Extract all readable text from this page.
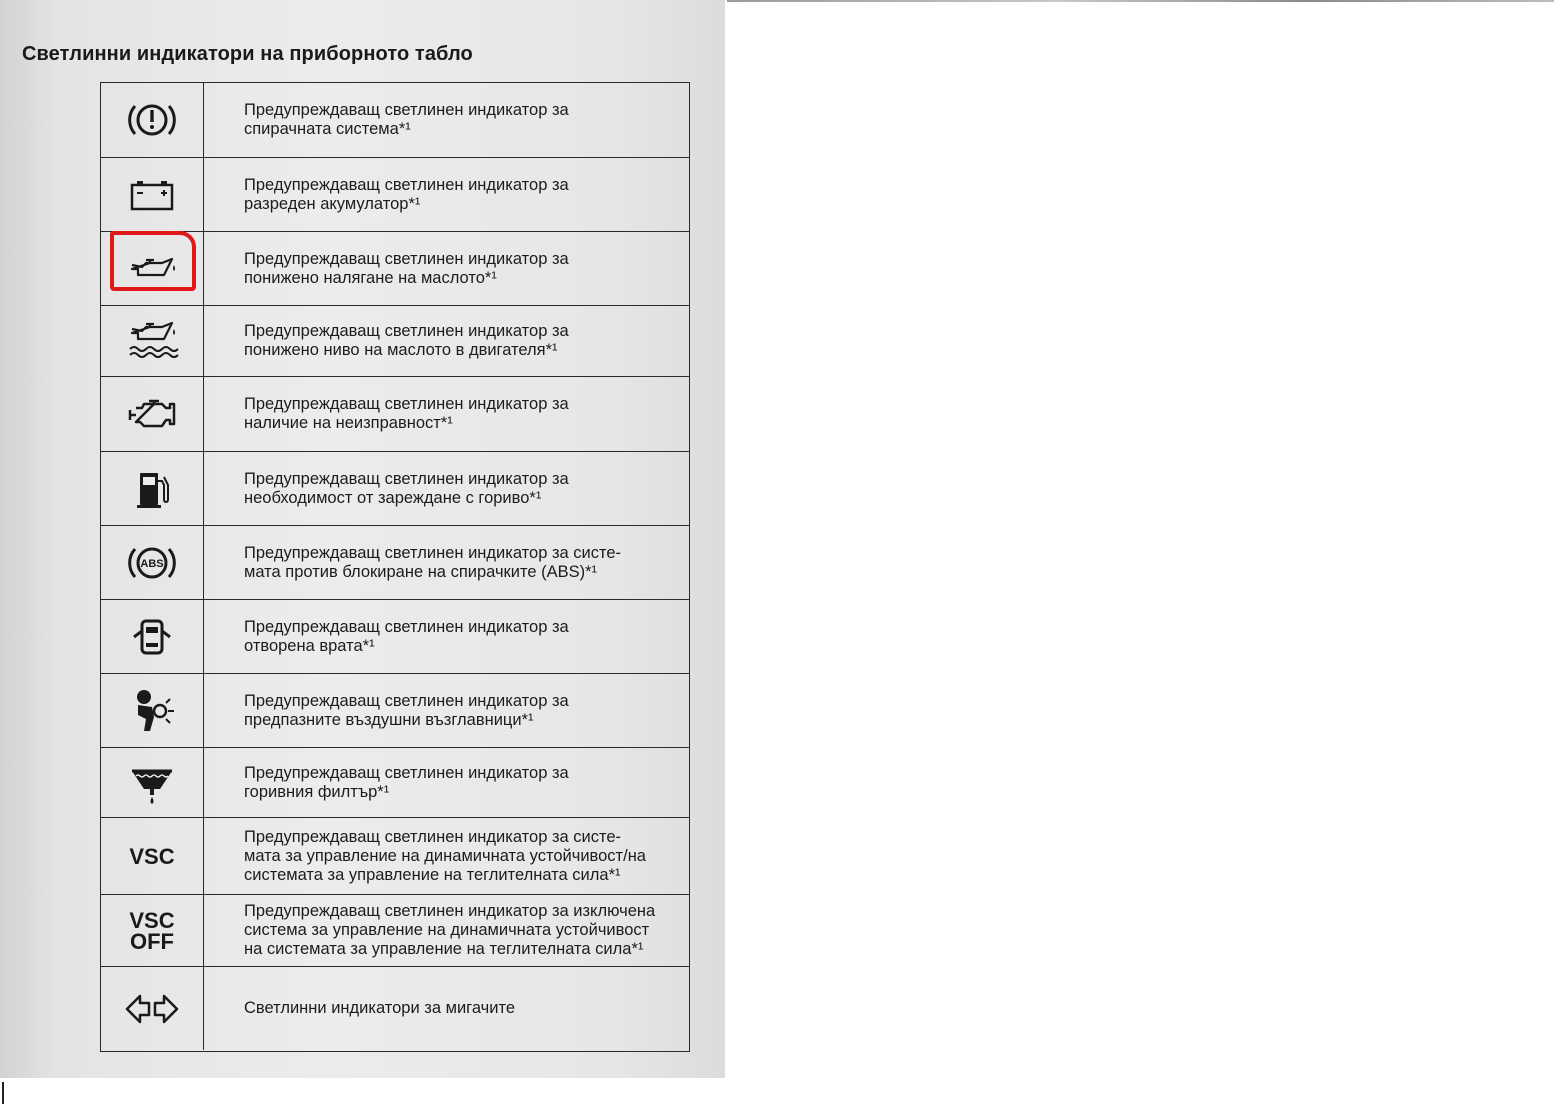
Светлинни индикатори на приборното табло
Предупреждаващ светлинен индикатор за
спирачната система*¹
Предупреждаващ светлинен индикатор за
разреден акумулатор*¹
Предупреждаващ светлинен индикатор за
понижено налягане на маслото*¹
Предупреждаващ светлинен индикатор за
понижено ниво на маслото в двигателя*¹
Предупреждаващ светлинен индикатор за
наличие на неизправност*¹
Предупреждаващ светлинен индикатор за
необходимост от зареждане с гориво*¹
ABS
Предупреждаващ светлинен индикатор за систе-
мата против блокиране на спирачките (ABS)*¹
Предупреждаващ светлинен индикатор за
отворена врата*¹
Предупреждаващ светлинен индикатор за
предпазните въздушни възглавници*¹
Предупреждаващ светлинен индикатор за
горивния филтър*¹
VSC
Предупреждаващ светлинен индикатор за систе-
мата за управление на динамичната устойчивост/на
системата за управление на теглителната сила*¹
VSC
OFF
Предупреждаващ светлинен индикатор за изключена
система за управление на динамичната устойчивост
на системата за управление на теглителната сила*¹
Светлинни индикатори за мигачите
